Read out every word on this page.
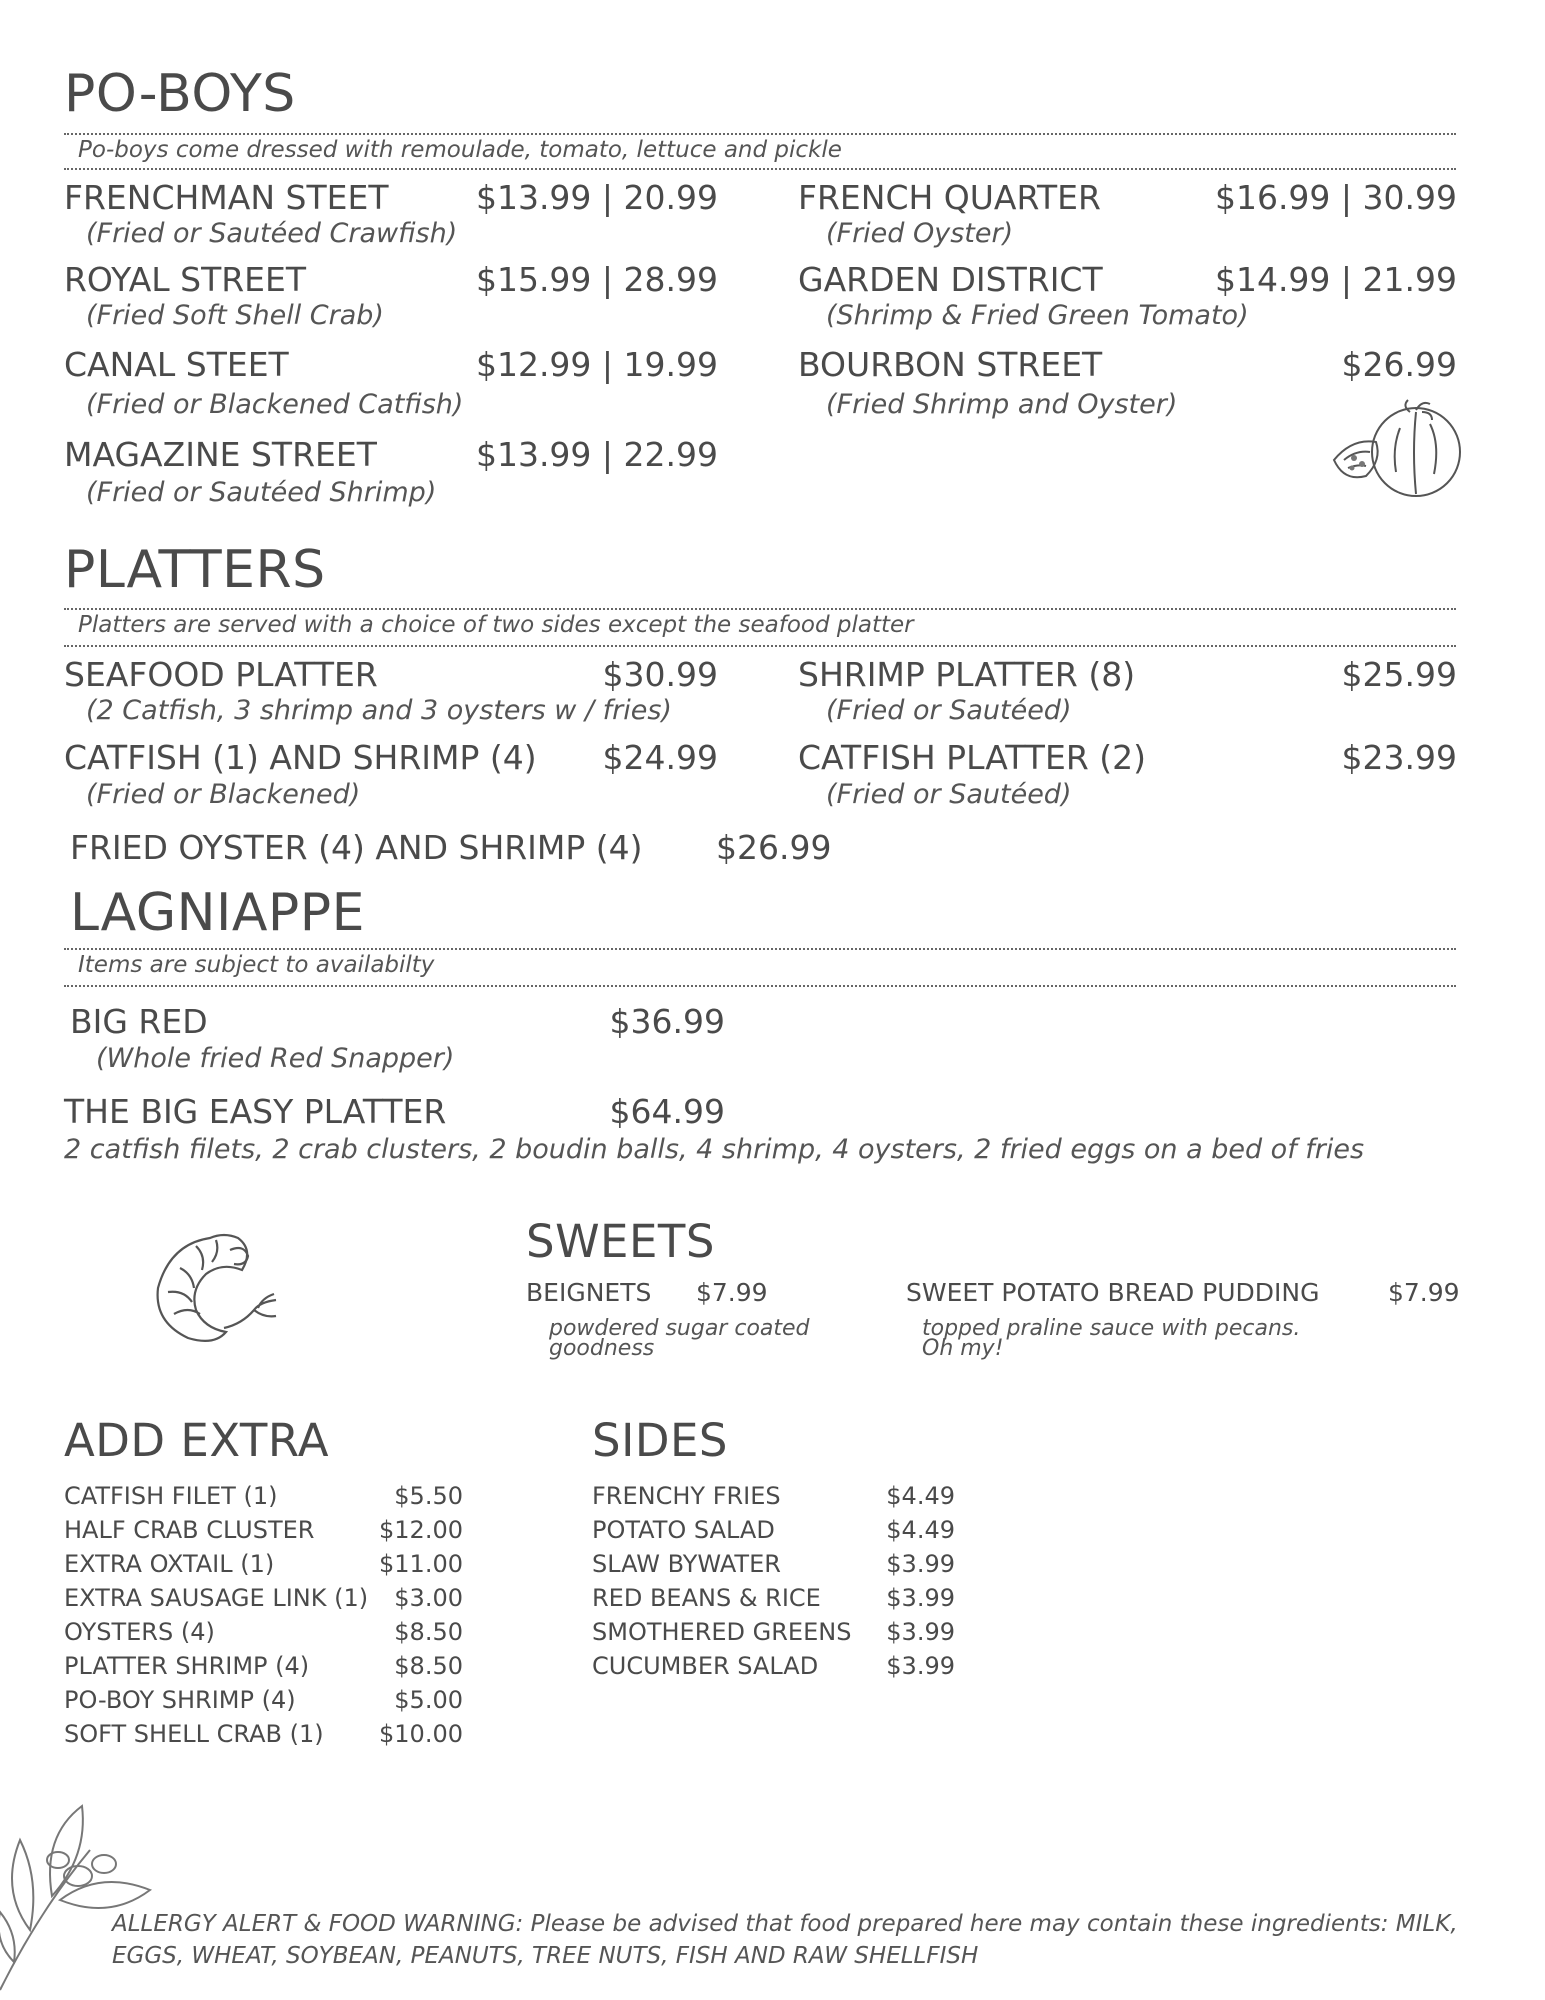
PO-BOYS
Po-boys come dressed with remoulade, tomato, lettuce and pickle
FRENCHMAN STEET	$13.99 | 20.99
(Fried or Sautéed Crawfish)
ROYAL STREET	$15.99 | 28.99
(Fried Soft Shell Crab)
CANAL STEET	$12.99 | 19.99
(Fried or Blackened Catfish)
MAGAZINE STREET	$13.99 | 22.99
(Fried or Sautéed Shrimp)
FRENCH QUARTER	$16.99 | 30.99
(Fried Oyster)
GARDEN DISTRICT	$14.99 | 21.99
(Shrimp & Fried Green Tomato)
BOURBON STREET	$26.99
(Fried Shrimp and Oyster)
PLATTERS
Platters are served with a choice of two sides except the seafood platter
SEAFOOD PLATTER	$30.99
(2 Catfish, 3 shrimp and 3 oysters w / fries)
CATFISH (1) AND SHRIMP (4) $24.99
(Fried or Blackened)
SHRIMP PLATTER (8)	$25.99
(Fried or Sautéed)
CATFISH PLATTER (2)	$23.99
(Fried or Sautéed)
FRIED OYSTER (4) AND SHRIMP (4) $26.99
LAGNIAPPE
Items are subject to availabilty
BIG RED	$36.99
(Whole fried Red Snapper)
THE BIG EASY PLATTER	$64.99
2 catfish filets, 2 crab clusters, 2 boudin balls, 4 shrimp, 4 oysters, 2 fried eggs on a bed of fries
SWEETS
BEIGNETS $7.99
powdered sugar coated
goodness
SWEET POTATO BREAD PUDDING	$7.99
topped praline sauce with pecans.
Oh my!
ADD EXTRA
CATFISH FILET (1)	$5.50
HALF CRAB CLUSTER	$12.00
EXTRA OXTAIL (1)	$11.00
EXTRA SAUSAGE LINK (1) $3.00
OYSTERS (4)	$8.50
PLATTER SHRIMP (4)	$8.50
PO-BOY SHRIMP (4)	$5.00
SOFT SHELL CRAB (1) $10.00
SIDES
FRENCHY FRIES	$4.49
POTATO SALAD	$4.49
SLAW BYWATER	$3.99
RED BEANS & RICE	$3.99
SMOTHERED GREENS $3.99
CUCUMBER SALAD	$3.99
ALLERGY ALERT & FOOD WARNING: Please be advised that food prepared here may contain these ingredients: MILK, EGGS, WHEAT, SOYBEAN, PEANUTS, TREE NUTS, FISH AND RAW SHELLFISH
